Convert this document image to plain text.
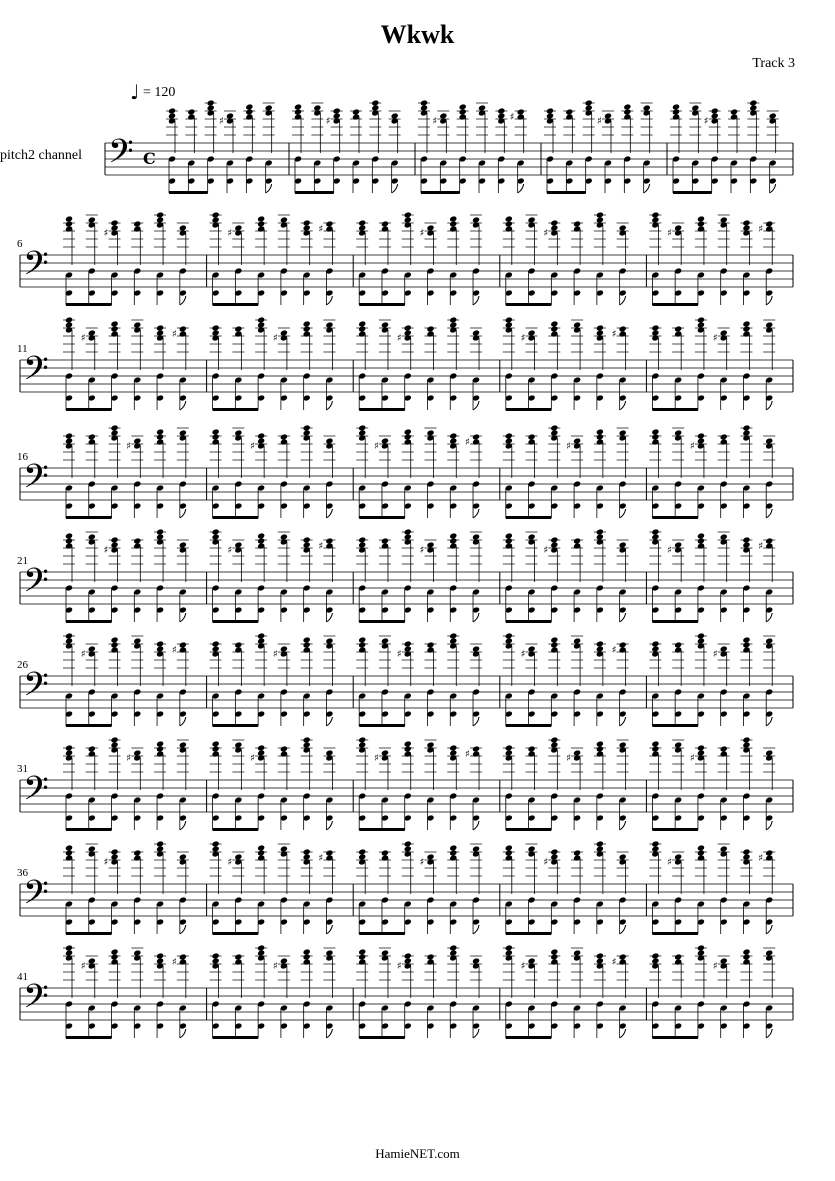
Wkwk
Track 3
♩ = 120
pitch2 channel 𝄢 C
♯	♯	♯	♯	♯	♯
𝄢
6
♯	♯	♯	♯	♯	♯	♯
𝄢
11
♯	♯	♯	♯	♯	♯	♯
𝄢
16
♯	♯	♯	♯	♯	♯
𝄢
21
♯	♯	♯	♯	♯	♯	♯
𝄢
26
♯	♯	♯	♯	♯	♯	♯
𝄢
31
♯	♯	♯	♯	♯	♯
𝄢
36
♯	♯	♯	♯	♯	♯	♯
𝄢
41
♯	♯	♯	♯	♯	♯	♯
HamieNET.com
